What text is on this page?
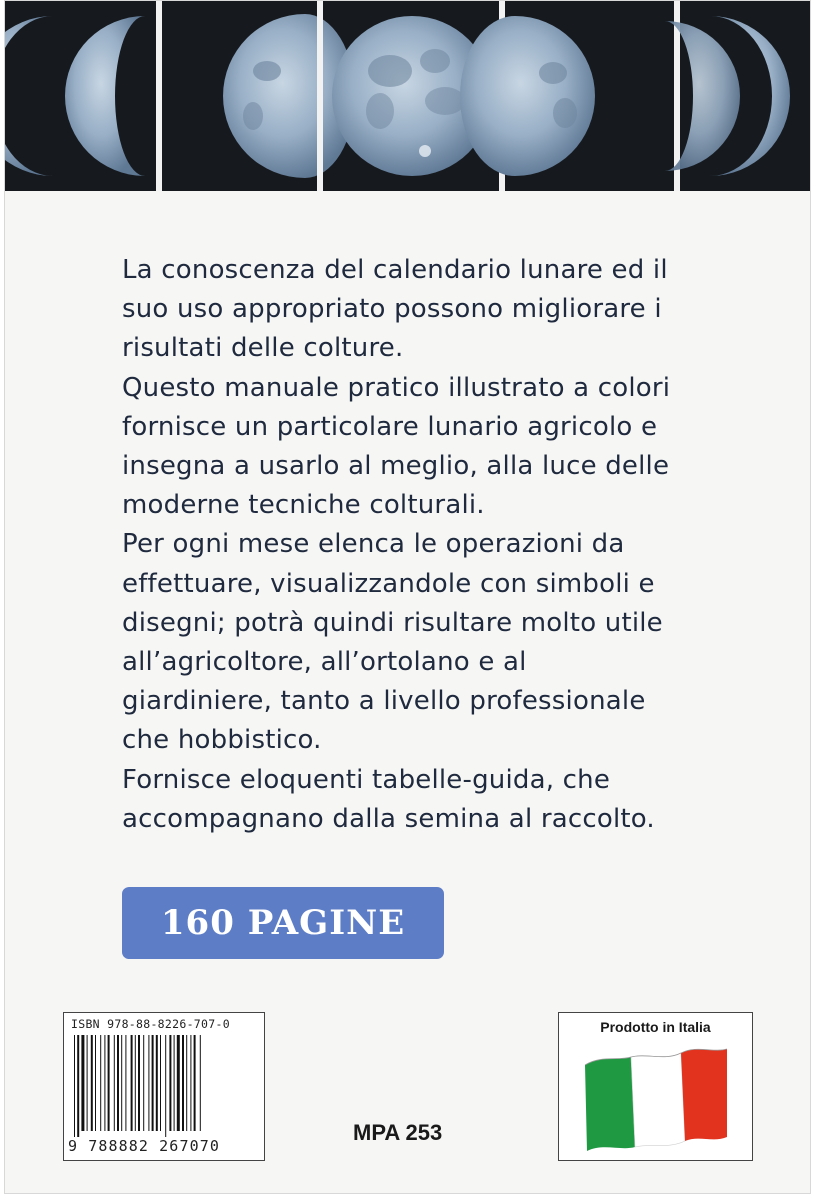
La conoscenza del calendario lunare ed il
suo uso appropriato possono migliorare i
risultati delle colture.

Questo manuale pratico illustrato a colori
fornisce un particolare lunario agricolo e
insegna a usarlo al meglio, alla luce delle
moderne tecniche colturali.

Per ogni mese elenca le operazioni da
effettuare, visualizzandole con simboli e
disegni; potrà quindi risultare molto utile
all’agricoltore, all’ortolano e al
giardiniere, tanto a livello professionale
che hobbistico.

Fornisce eloquenti tabelle-guida, che
accompagnano dalla semina al raccolto.

160 PAGINE
ISBN 978-88-8226-707-0
9 788882 267070
MPA 253
Prodotto in Italia
